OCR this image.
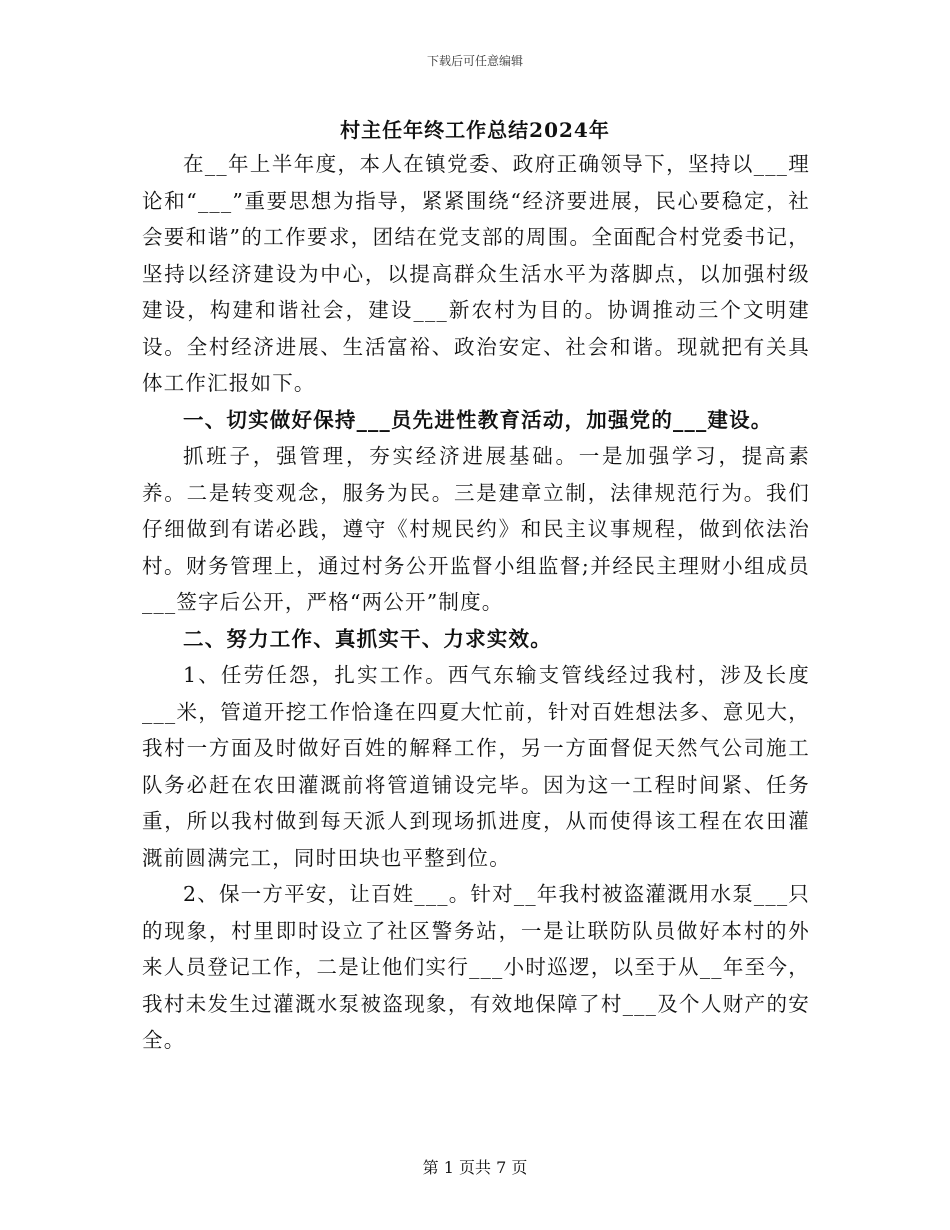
下载后可任意编辑
村主任年终工作总结2024年

在__年上半年度，本人在镇党委、政府正确领导下，坚持以___理论和“___”重要思想为指导，紧紧围绕“经济要进展，民心要稳定，社会要和谐”的工作要求，团结在党支部的周围。全面配合村党委书记，坚持以经济建设为中心，以提高群众生活水平为落脚点，以加强村级建设，构建和谐社会，建设___新农村为目的。协调推动三个文明建设。全村经济进展、生活富裕、政治安定、社会和谐。现就把有关具体工作汇报如下。

一、切实做好保持___员先进性教育活动，加强党的___建设。

抓班子，强管理，夯实经济进展基础。一是加强学习，提高素养。二是转变观念，服务为民。三是建章立制，法律规范行为。我们仔细做到有诺必践，遵守《村规民约》和民主议事规程，做到依法治村。财务管理上，通过村务公开监督小组监督;并经民主理财小组成员___签字后公开，严格“两公开”制度。

二、努力工作、真抓实干、力求实效。

1、任劳任怨，扎实工作。西气东输支管线经过我村，涉及长度___米，管道开挖工作恰逢在四夏大忙前，针对百姓想法多、意见大，我村一方面及时做好百姓的解释工作，另一方面督促天然气公司施工队务必赶在农田灌溉前将管道铺设完毕。因为这一工程时间紧、任务重，所以我村做到每天派人到现场抓进度，从而使得该工程在农田灌溉前圆满完工，同时田块也平整到位。

2、保一方平安，让百姓___。针对__年我村被盗灌溉用水泵___只的现象，村里即时设立了社区警务站，一是让联防队员做好本村的外来人员登记工作，二是让他们实行___小时巡逻，以至于从__年至今，我村未发生过灌溉水泵被盗现象，有效地保障了村___及个人财产的安全。

第 1 页共 7 页
